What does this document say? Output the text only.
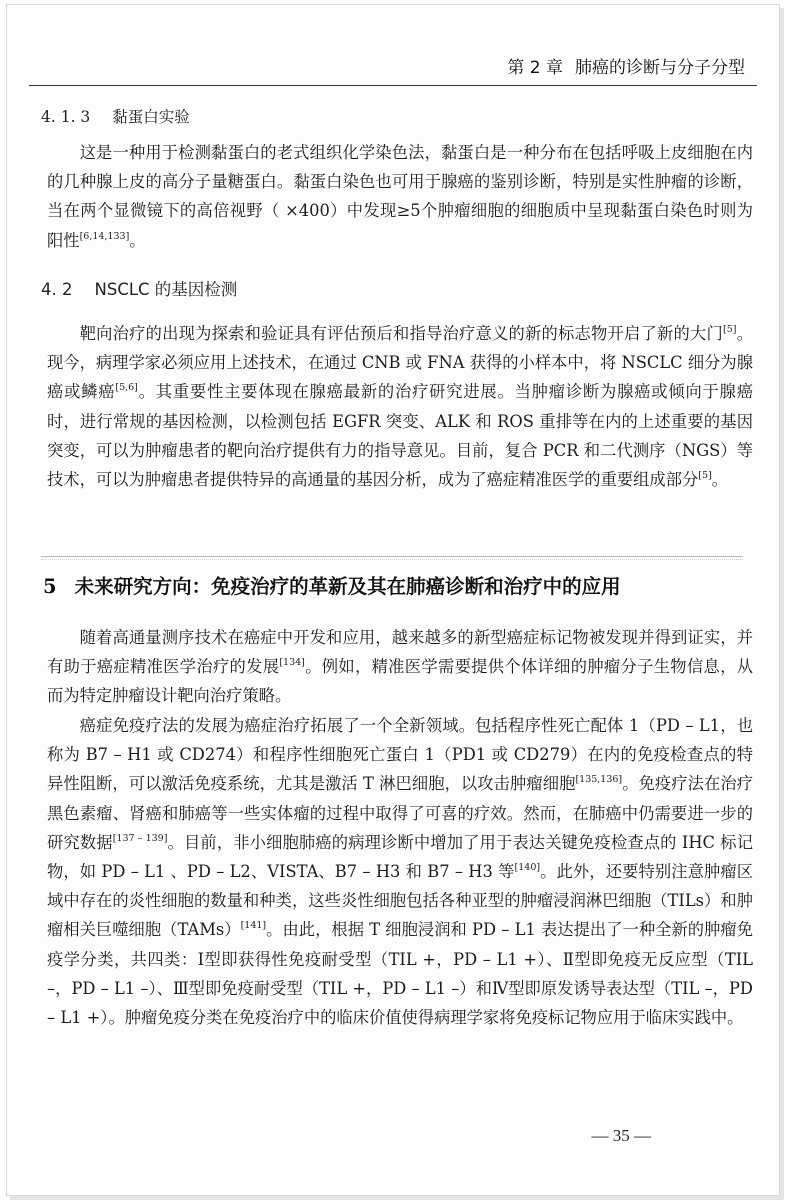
第 2 章 肺癌的诊断与分子分型
4. 1. 3 黏蛋白实验
这是一种用于检测黏蛋白的老式组织化学染色法，黏蛋白是一种分布在包括呼吸上皮细胞在内的几种腺上皮的高分子量糖蛋白。黏蛋白染色也可用于腺癌的鉴别诊断，特别是实性肿瘤的诊断，当在两个显微镜下的高倍视野（ ×400）中发现≥5个肿瘤细胞的细胞质中呈现黏蛋白染色时则为阳性[6,14,133]。
4. 2 NSCLC 的基因检测
靶向治疗的出现为探索和验证具有评估预后和指导治疗意义的新的标志物开启了新的大门[5]。现今，病理学家必须应用上述技术，在通过 CNB 或 FNA 获得的小样本中，将 NSCLC 细分为腺癌或鳞癌[5,6]。其重要性主要体现在腺癌最新的治疗研究进展。当肿瘤诊断为腺癌或倾向于腺癌时，进行常规的基因检测，以检测包括 EGFR 突变、ALK 和 ROS 重排等在内的上述重要的基因突变，可以为肿瘤患者的靶向治疗提供有力的指导意见。目前，复合 PCR 和二代测序（NGS）等技术，可以为肿瘤患者提供特异的高通量的基因分析，成为了癌症精准医学的重要组成部分[5]。
5 未来研究方向：免疫治疗的革新及其在肺癌诊断和治疗中的应用
随着高通量测序技术在癌症中开发和应用，越来越多的新型癌症标记物被发现并得到证实，并有助于癌症精准医学治疗的发展[134]。例如，精准医学需要提供个体详细的肿瘤分子生物信息，从而为特定肿瘤设计靶向治疗策略。
癌症免疫疗法的发展为癌症治疗拓展了一个全新领域。包括程序性死亡配体 1（PD – L1，也称为 B7 – H1 或 CD274）和程序性细胞死亡蛋白 1（PD1 或 CD279）在内的免疫检查点的特异性阻断，可以激活免疫系统，尤其是激活 T 淋巴细胞，以攻击肿瘤细胞[135,136]。免疫疗法在治疗黑色素瘤、肾癌和肺癌等一些实体瘤的过程中取得了可喜的疗效。然而，在肺癌中仍需要进一步的研究数据[137 – 139]。目前，非小细胞肺癌的病理诊断中增加了用于表达关键免疫检查点的 IHC 标记物，如 PD – L1 、PD – L2、VISTA、B7 – H3 和 B7 – H3 等[140]。此外，还要特别注意肿瘤区域中存在的炎性细胞的数量和种类，这些炎性细胞包括各种亚型的肿瘤浸润淋巴细胞（TILs）和肿瘤相关巨噬细胞（TAMs）[141]。由此，根据 T 细胞浸润和 PD – L1 表达提出了一种全新的肿瘤免疫学分类，共四类：Ⅰ型即获得性免疫耐受型（TIL +，PD – L1 +）、Ⅱ型即免疫无反应型（TIL –，PD – L1 –）、Ⅲ型即免疫耐受型（TIL +，PD – L1 –）和Ⅳ型即原发诱导表达型（TIL –，PD – L1 +）。肿瘤免疫分类在免疫治疗中的临床价值使得病理学家将免疫标记物应用于临床实践中。
— 35 —
